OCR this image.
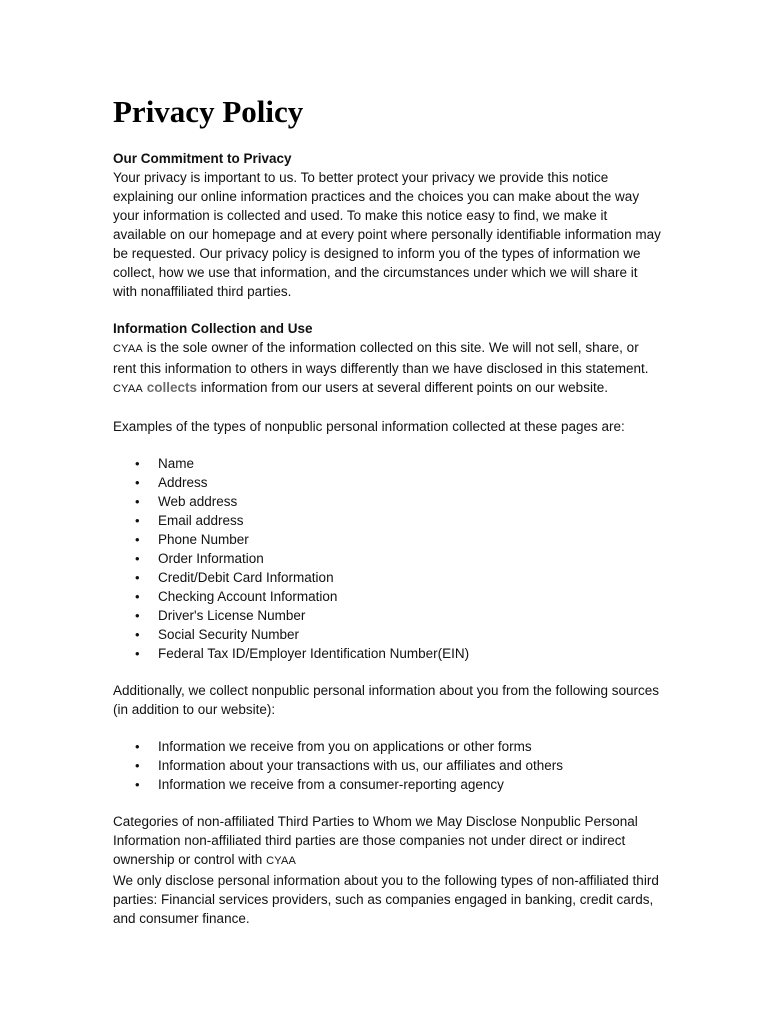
Privacy Policy
Our Commitment to Privacy

Your privacy is important to us. To better protect your privacy we provide this notice explaining our online information practices and the choices you can make about the way your information is collected and used. To make this notice easy to find, we make it available on our homepage and at every point where personally identifiable information may be requested. Our privacy policy is designed to inform you of the types of information we collect, how we use that information, and the circumstances under which we will share it with nonaffiliated third parties.

Information Collection and Use

CYAA is the sole owner of the information collected on this site. We will not sell, share, or rent this information to others in ways differently than we have disclosed in this statement. CYAA collects information from our users at several different points on our website.

Examples of the types of nonpublic personal information collected at these pages are:

• Name
• Address
• Web address
• Email address
• Phone Number
• Order Information
• Credit/Debit Card Information
• Checking Account Information
• Driver's License Number
• Social Security Number
• Federal Tax ID/Employer Identification Number(EIN)

Additionally, we collect nonpublic personal information about you from the following sources (in addition to our website):

• Information we receive from you on applications or other forms
• Information about your transactions with us, our affiliates and others
• Information we receive from a consumer-reporting agency

Categories of non-affiliated Third Parties to Whom we May Disclose Nonpublic Personal Information non-affiliated third parties are those companies not under direct or indirect ownership or control with CYAA

We only disclose personal information about you to the following types of non-affiliated third parties: Financial services providers, such as companies engaged in banking, credit cards, and consumer finance.
